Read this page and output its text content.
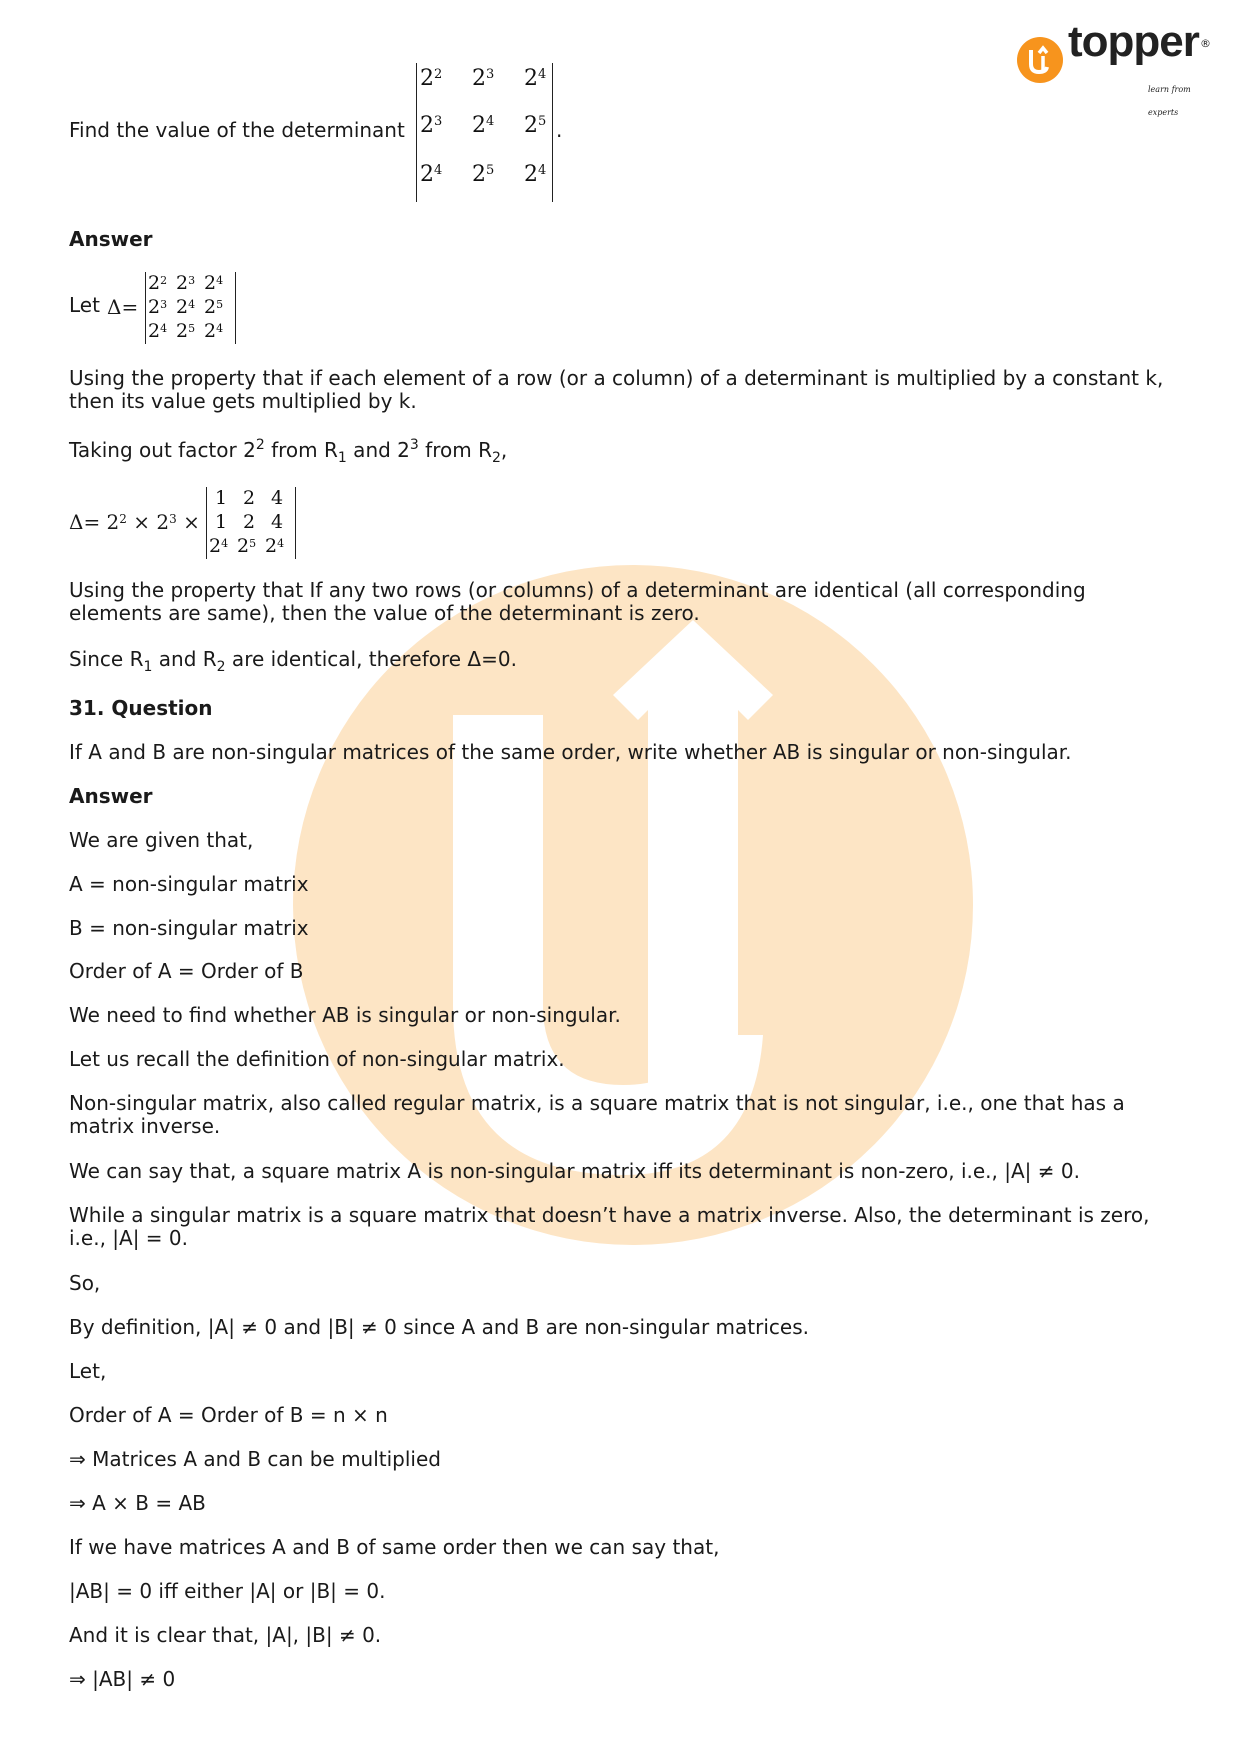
topper ®
learn from experts
Find the value of the determinant
$2^2$ $2^3$ $2^4$
$2^3$ $2^4$ $2^5$
$2^4$ $2^5$ $2^4$
.
Answer
Let Δ=
$2^2$ $2^3$ $2^4$
$2^3$ $2^4$ $2^5$
$2^4$ $2^5$ $2^4$
Using the property that if each element of a row (or a column) of a determinant is multiplied by a constant k, then its value gets multiplied by k.
Taking out factor $2^2$ from $R_1$ and $2^3$ from $R_2$,
$\Delta= 2^2 \times 2^3$ ×
1 2 4
1 2 4
$2^4$ $2^5$ $2^4$
Using the property that If any two rows (or columns) of a determinant are identical (all corresponding elements are same), then the value of the determinant is zero.
Since $R_1$ and $R_2$ are identical, therefore Δ=0.
31. Question
If A and B are non-singular matrices of the same order, write whether AB is singular or non-singular.
Answer
We are given that,
A = non-singular matrix
B = non-singular matrix
Order of A = Order of B
We need to find whether AB is singular or non-singular.
Let us recall the definition of non-singular matrix.
Non-singular matrix, also called regular matrix, is a square matrix that is not singular, i.e., one that has a matrix inverse.
We can say that, a square matrix A is non-singular matrix iff its determinant is non-zero, i.e., |A| ≠ 0.
While a singular matrix is a square matrix that doesn’t have a matrix inverse. Also, the determinant is zero, i.e., |A| = 0.
So,
By definition, |A| ≠ 0 and |B| ≠ 0 since A and B are non-singular matrices.
Let,
Order of A = Order of B = n × n
⇒ Matrices A and B can be multiplied
⇒ A × B = AB
If we have matrices A and B of same order then we can say that,
|AB| = 0 iff either |A| or |B| = 0.
And it is clear that, |A|, |B| ≠ 0.
⇒ |AB| ≠ 0
